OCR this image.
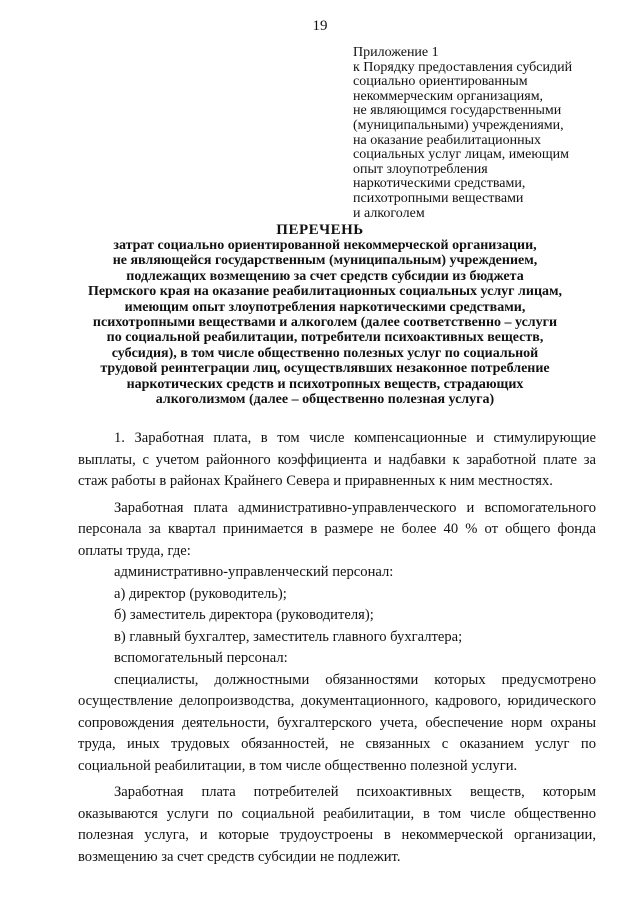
19
Приложение 1
к Порядку предоставления субсидий
социально ориентированным
некоммерческим организациям,
не являющимся государственными
(муниципальными) учреждениями,
на оказание реабилитационных
социальных услуг лицам, имеющим
опыт злоупотребления
наркотическими средствами,
психотропными веществами
и алкоголем
ПЕРЕЧЕНЬ
затрат социально ориентированной некоммерческой организации,
не являющейся государственным (муниципальным) учреждением,
подлежащих возмещению за счет средств субсидии из бюджета
Пермского края на оказание реабилитационных социальных услуг лицам,
имеющим опыт злоупотребления наркотическими средствами,
психотропными веществами и алкоголем (далее соответственно – услуги
по социальной реабилитации, потребители психоактивных веществ,
субсидия), в том числе общественно полезных услуг по социальной
трудовой реинтеграции лиц, осуществлявших незаконное потребление
наркотических средств и психотропных веществ, страдающих
алкоголизмом (далее – общественно полезная услуга)

1. Заработная плата, в том числе компенсационные и стимулирующие выплаты, с учетом районного коэффициента и надбавки к заработной плате за стаж работы в районах Крайнего Севера и приравненных к ним местностях.

Заработная плата административно-управленческого и вспомогательного персонала за квартал принимается в размере не более 40 % от общего фонда оплаты труда, где:

административно-управленческий персонал:

а) директор (руководитель);

б) заместитель директора (руководителя);

в) главный бухгалтер, заместитель главного бухгалтера;

вспомогательный персонал:

специалисты, должностными обязанностями которых предусмотрено осуществление делопроизводства, документационного, кадрового, юридического сопровождения деятельности, бухгалтерского учета, обеспечение норм охраны труда, иных трудовых обязанностей, не связанных с оказанием услуг по социальной реабилитации, в том числе общественно полезной услуги.

Заработная плата потребителей психоактивных веществ, которым оказываются услуги по социальной реабилитации, в том числе общественно полезная услуга, и которые трудоустроены в некоммерческой организации, возмещению за счет средств субсидии не подлежит.
